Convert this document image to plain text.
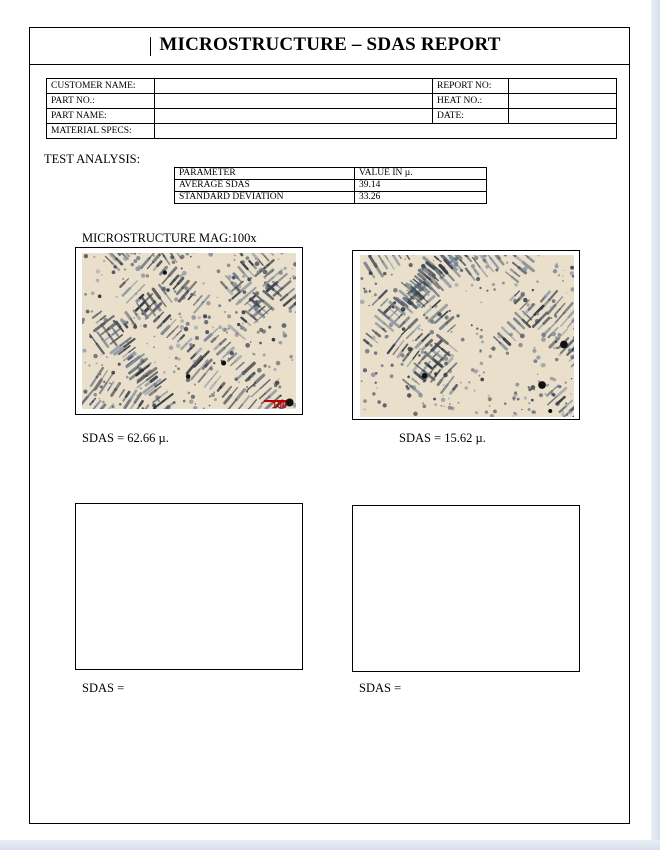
MICROSTRUCTURE – SDAS REPORT
CUSTOMER NAME:		REPORT NO:	
PART NO.:		HEAT NO.:	
PART NAME:		DATE:	
MATERIAL SPECS:			
TEST ANALYSIS:
PARAMETER	VALUE IN µ.
AVERAGE SDAS	39.14
STANDARD DEVIATION	33.26
MICROSTRUCTURE MAG:100x
100
SDAS = 62.66 µ.	SDAS = 15.62 µ.
SDAS =	SDAS =
